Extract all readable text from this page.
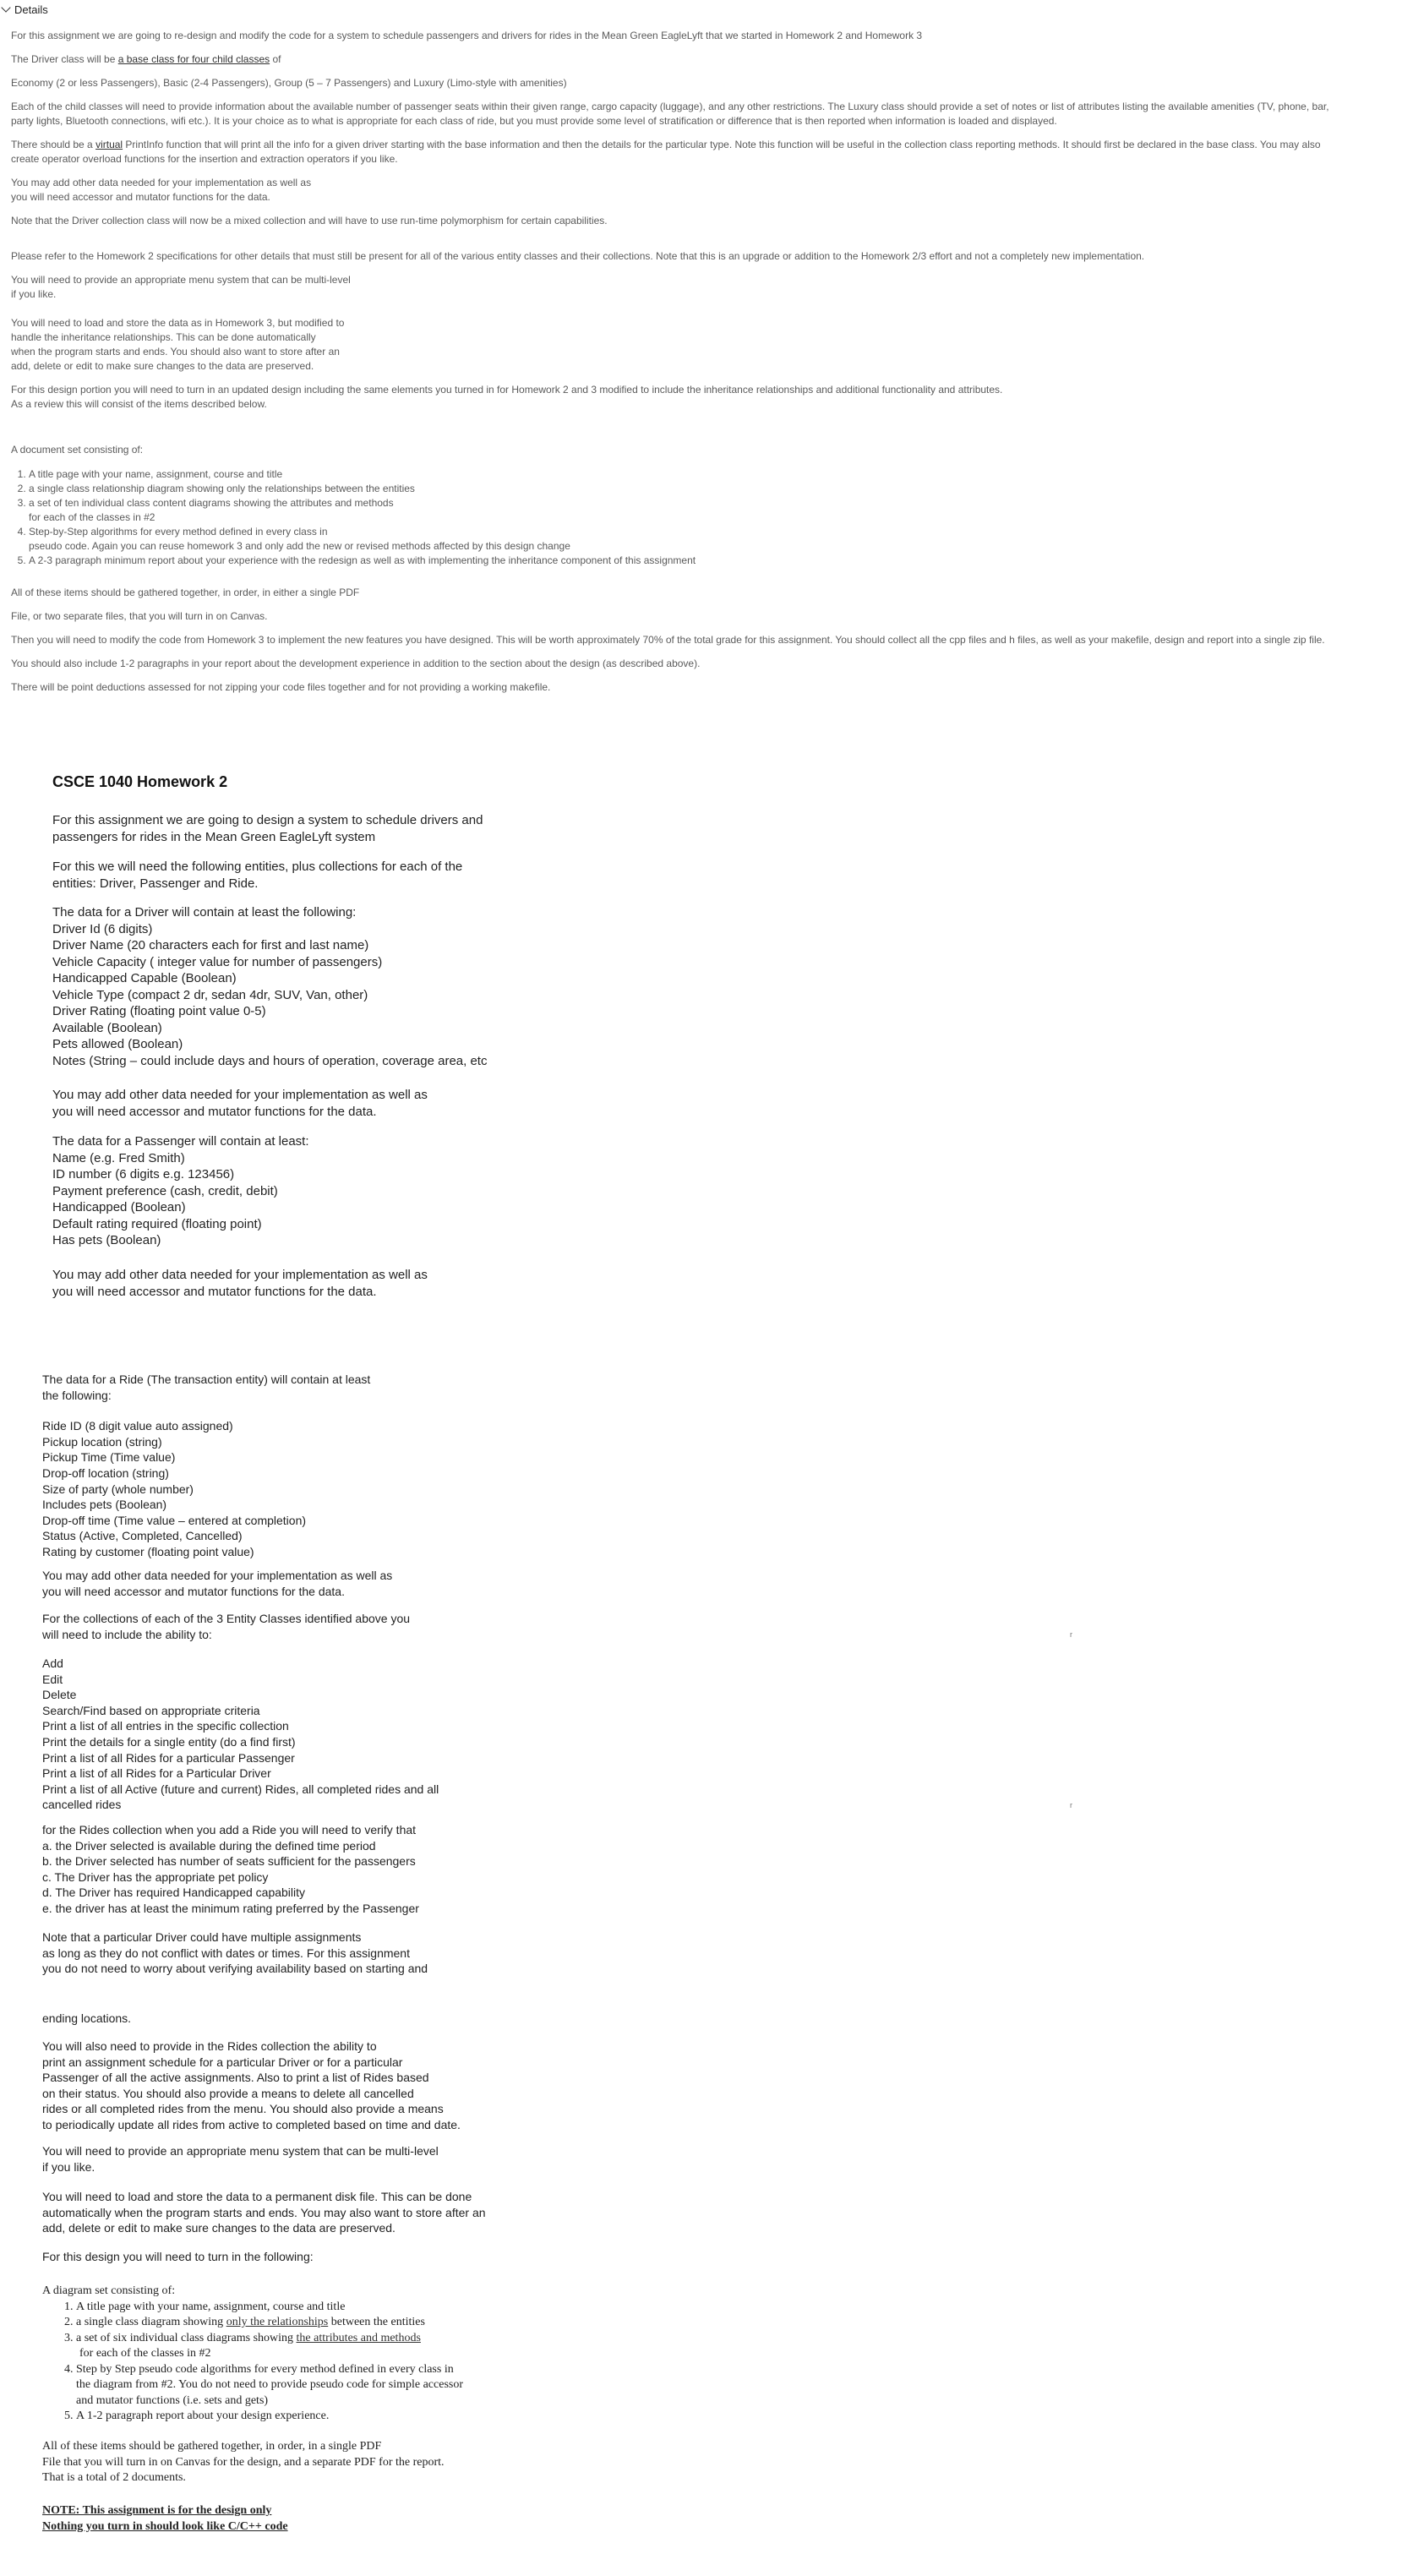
Details
For this assignment we are going to re-design and modify the code for a system to schedule passengers and drivers for rides in the Mean Green EagleLyft that we started in Homework 2 and Homework 3
The Driver class will be a base class for four child classes of
Economy (2 or less Passengers), Basic (2-4 Passengers), Group (5 – 7 Passengers) and Luxury (Limo-style with amenities)
Each of the child classes will need to provide information about the available number of passenger seats within their given range, cargo capacity (luggage), and any other restrictions. The Luxury class should provide a set of notes or list of attributes listing the available amenities (TV, phone, bar,
party lights, Bluetooth connections, wifi etc.). It is your choice as to what is appropriate for each class of ride, but you must provide some level of stratification or difference that is then reported when information is loaded and displayed.
There should be a virtual PrintInfo function that will print all the info for a given driver starting with the base information and then the details for the particular type. Note this function will be useful in the collection class reporting methods. It should first be declared in the base class. You may also
create operator overload functions for the insertion and extraction operators if you like.
You may add other data needed for your implementation as well as
you will need accessor and mutator functions for the data.
Note that the Driver collection class will now be a mixed collection and will have to use run-time polymorphism for certain capabilities.
Please refer to the Homework 2 specifications for other details that must still be present for all of the various entity classes and their collections. Note that this is an upgrade or addition to the Homework 2/3 effort and not a completely new implementation.
You will need to provide an appropriate menu system that can be multi-level
if you like.
You will need to load and store the data as in Homework 3, but modified to
handle the inheritance relationships. This can be done automatically
when the program starts and ends. You should also want to store after an
add, delete or edit to make sure changes to the data are preserved.
For this design portion you will need to turn in an updated design including the same elements you turned in for Homework 2 and 3 modified to include the inheritance relationships and additional functionality and attributes.
As a review this will consist of the items described below.
A document set consisting of:
1. A title page with your name, assignment, course and title
2. a single class relationship diagram showing only the relationships between the entities
3. a set of ten individual class content diagrams showing the attributes and methods
for each of the classes in #2
4. Step-by-Step algorithms for every method defined in every class in
pseudo code. Again you can reuse homework 3 and only add the new or revised methods affected by this design change
5. A 2-3 paragraph minimum report about your experience with the redesign as well as with implementing the inheritance component of this assignment
All of these items should be gathered together, in order, in either a single PDF
File, or two separate files, that you will turn in on Canvas.
Then you will need to modify the code from Homework 3 to implement the new features you have designed. This will be worth approximately 70% of the total grade for this assignment. You should collect all the cpp files and h files, as well as your makefile, design and report into a single zip file.
You should also include 1-2 paragraphs in your report about the development experience in addition to the section about the design (as described above).
There will be point deductions assessed for not zipping your code files together and for not providing a working makefile.
CSCE 1040 Homework 2
For this assignment we are going to design a system to schedule drivers and
passengers for rides in the Mean Green EagleLyft system
For this we will need the following entities, plus collections for each of the
entities: Driver, Passenger and Ride.
The data for a Driver will contain at least the following:
Driver Id (6 digits)
Driver Name (20 characters each for first and last name)
Vehicle Capacity ( integer value for number of passengers)
Handicapped Capable (Boolean)
Vehicle Type (compact 2 dr, sedan 4dr, SUV, Van, other)
Driver Rating (floating point value 0-5)
Available (Boolean)
Pets allowed (Boolean)
Notes (String – could include days and hours of operation, coverage area, etc
You may add other data needed for your implementation as well as
you will need accessor and mutator functions for the data.
The data for a Passenger will contain at least:
Name (e.g. Fred Smith)
ID number (6 digits e.g. 123456)
Payment preference (cash, credit, debit)
Handicapped (Boolean)
Default rating required (floating point)
Has pets (Boolean)
You may add other data needed for your implementation as well as
you will need accessor and mutator functions for the data.
The data for a Ride (The transaction entity) will contain at least
the following:
Ride ID (8 digit value auto assigned)
Pickup location (string)
Pickup Time (Time value)
Drop-off location (string)
Size of party (whole number)
Includes pets (Boolean)
Drop-off time (Time value – entered at completion)
Status (Active, Completed, Cancelled)
Rating by customer (floating point value)
You may add other data needed for your implementation as well as
you will need accessor and mutator functions for the data.
For the collections of each of the 3 Entity Classes identified above you
will need to include the ability to:
Add
Edit
Delete
Search/Find based on appropriate criteria
Print a list of all entries in the specific collection
Print the details for a single entity (do a find first)
Print a list of all Rides for a particular Passenger
Print a list of all Rides for a Particular Driver
Print a list of all Active (future and current) Rides, all completed rides and all
cancelled rides
for the Rides collection when you add a Ride you will need to verify that
a. the Driver selected is available during the defined time period
b. the Driver selected has number of seats sufficient for the passengers
c. The Driver has the appropriate pet policy
d. The Driver has required Handicapped capability
e. the driver has at least the minimum rating preferred by the Passenger
Note that a particular Driver could have multiple assignments
as long as they do not conflict with dates or times. For this assignment
you do not need to worry about verifying availability based on starting and
ending locations.
You will also need to provide in the Rides collection the ability to
print an assignment schedule for a particular Driver or for a particular
Passenger of all the active assignments. Also to print a list of Rides based
on their status. You should also provide a means to delete all cancelled
rides or all completed rides from the menu. You should also provide a means
to periodically update all rides from active to completed based on time and date.
You will need to provide an appropriate menu system that can be multi-level
if you like.
You will need to load and store the data to a permanent disk file. This can be done
automatically when the program starts and ends. You may also want to store after an
add, delete or edit to make sure changes to the data are preserved.
For this design you will need to turn in the following:
A diagram set consisting of:
1. A title page with your name, assignment, course and title
2. a single class diagram showing only the relationships between the entities
3. a set of six individual class diagrams showing the attributes and methods
for each of the classes in #2
4. Step by Step pseudo code algorithms for every method defined in every class in
the diagram from #2. You do not need to provide pseudo code for simple accessor
and mutator functions (i.e. sets and gets)
5. A 1-2 paragraph report about your design experience.
All of these items should be gathered together, in order, in a single PDF
File that you will turn in on Canvas for the design, and a separate PDF for the report.
That is a total of 2 documents.
NOTE: This assignment is for the design only
Nothing you turn in should look like C/C++ code
r
r
